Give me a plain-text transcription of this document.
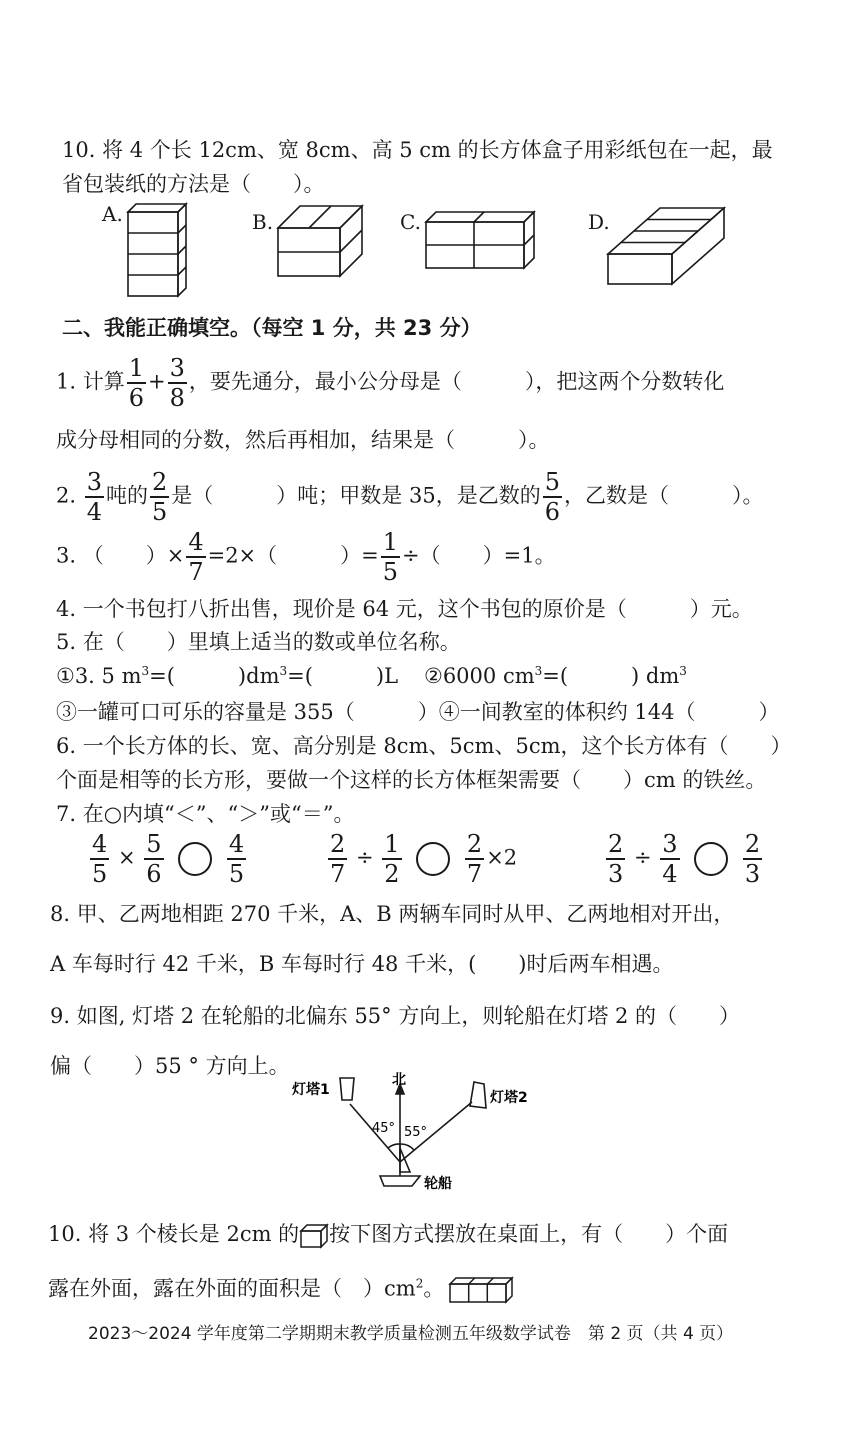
10. 将 4 个长 12cm、宽 8cm、高 5 cm 的长方体盒子用彩纸包在一起，最
省包装纸的方法是（　　）。
A.	B.	C.	D.
二、我能正确填空。（每空 1 分，共 23 分）
1. 计算 $\frac{1}{6} + \frac{3}{8}$ ，要先通分，最小公分母是（　　　），把这两个分数转化
成分母相同的分数，然后再相加，结果是（　　　）。
2. $\frac{3}{4}$ 吨的 $\frac{2}{5}$ 是（　　　）吨；甲数是 35，是乙数的 $\frac{5}{6}$ ，乙数是（　　　）。
3. （　　）× $\frac{4}{7} =2\times$（　　　）= $\frac{1}{5}$ ÷（　　）=1。
4. 一个书包打八折出售，现价是 64 元，这个书包的原价是（　　　）元。
5. 在（　　）里填上适当的数或单位名称。
①3. 5 $m^3=$(　　　)$dm^3=$(　　　)L ②6000 $cm^3=$(　　　) $dm^3$
③一罐可口可乐的容量是 355（　　　）④一间教室的体积约 144（　　　）
6. 一个长方体的长、宽、高分别是 8cm、5cm、5cm，这个长方体有（　　）
个面是相等的长方形，要做一个这样的长方体框架需要（　　）cm 的铁丝。
7. 在○内填“＜”、“＞”或“＝”。
$\frac{4}{5} \times \frac{5}{6}$
	$\frac{4}{5}$	$\frac{2}{7} \div \frac{1}{2}$
	$\frac{2}{7} \times 2$	$\frac{2}{3} \div \frac{3}{4}$
	$\frac{2}{3}$
8. 甲、乙两地相距 270 千米，A、B 两辆车同时从甲、乙两地相对开出，
A 车每时行 42 千米，B 车每时行 48 千米，(　　)时后两车相遇。
9. 如图, 灯塔 2 在轮船的北偏东 55° 方向上，则轮船在灯塔 2 的（　　）
偏（　　）55 ° 方向上。
北
灯塔1	灯塔2
轮船
45° 55°
10. 将 3 个棱长是 2cm 的 按下图方式摆放在桌面上，有（　　）个面
露在外面，露在外面的面积是（　）$cm^2$。
2023～2024 学年度第二学期期末教学质量检测五年级数学试卷　第 2 页（共 4 页）
